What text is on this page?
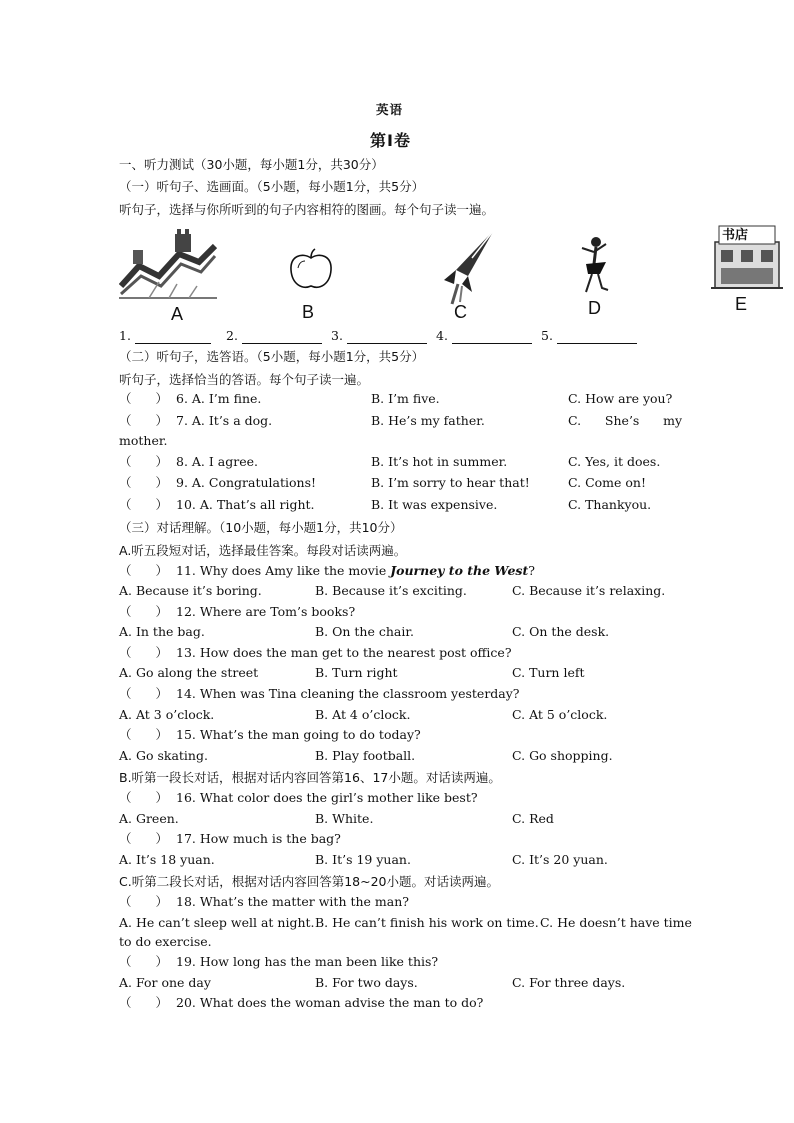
英语
第I卷
一、听力测试（30小题，每小题1分，共30分）
（一）听句子、选画面。（5小题，每小题1分，共5分）
听句子，选择与你所听到的句子内容相符的图画。每个句子读一遍。
A	B	C	D
书店
E
1.	2.	3.	4.	5.
（二）听句子，选答语。（5小题，每小题1分，共5分）
听句子，选择恰当的答语。每个句子读一遍。
（ ） 6. A. I’m fine.	B. I’m five.	C. How are you?
（ ） 7. A. It’s a dog.	B. He’s my father.	C.      She’s      my
mother.
（ ） 8. A. I agree.	B. It’s hot in summer.	C. Yes, it does.
（ ） 9. A. Congratulations!	B. I’m sorry to hear that!	C. Come on!
（ ） 10. A. That’s all right.	B. It was expensive.	C. Thankyou.
（三）对话理解。（10小题，每小题1分，共10分）
A.听五段短对话，选择最佳答案。每段对话读两遍。
（ ） 11. Why does Amy like the movie Journey to the West?
A. Because it’s boring.	B. Because it’s exciting.	C. Because it’s relaxing.
（ ） 12. Where are Tom’s books?
A. In the bag.	B. On the chair.	C. On the desk.
（ ） 13. How does the man get to the nearest post office?
A. Go along the street	B. Turn right	C. Turn left
（ ） 14. When was Tina cleaning the classroom yesterday?
A. At 3 o’clock.	B. At 4 o’clock.	C. At 5 o’clock.
（ ） 15. What’s the man going to do today?
A. Go skating.	B. Play football.	C. Go shopping.
B.听第一段长对话，根据对话内容回答第16、17小题。对话读两遍。
（ ） 16. What color does the girl’s mother like best?
A. Green.	B. White.	C. Red
（ ） 17. How much is the bag?
A. It’s 18 yuan.	B. It’s 19 yuan.	C. It’s 20 yuan.
C.听第二段长对话，根据对话内容回答第18~20小题。对话读两遍。
（ ） 18. What’s the matter with the man?
A. He can’t sleep well at night. B. He can’t finish his work on time. C. He doesn’t have time
to do exercise.
（ ） 19. How long has the man been like this?
A. For one day	B. For two days.	C. For three days.
（ ） 20. What does the woman advise the man to do?
